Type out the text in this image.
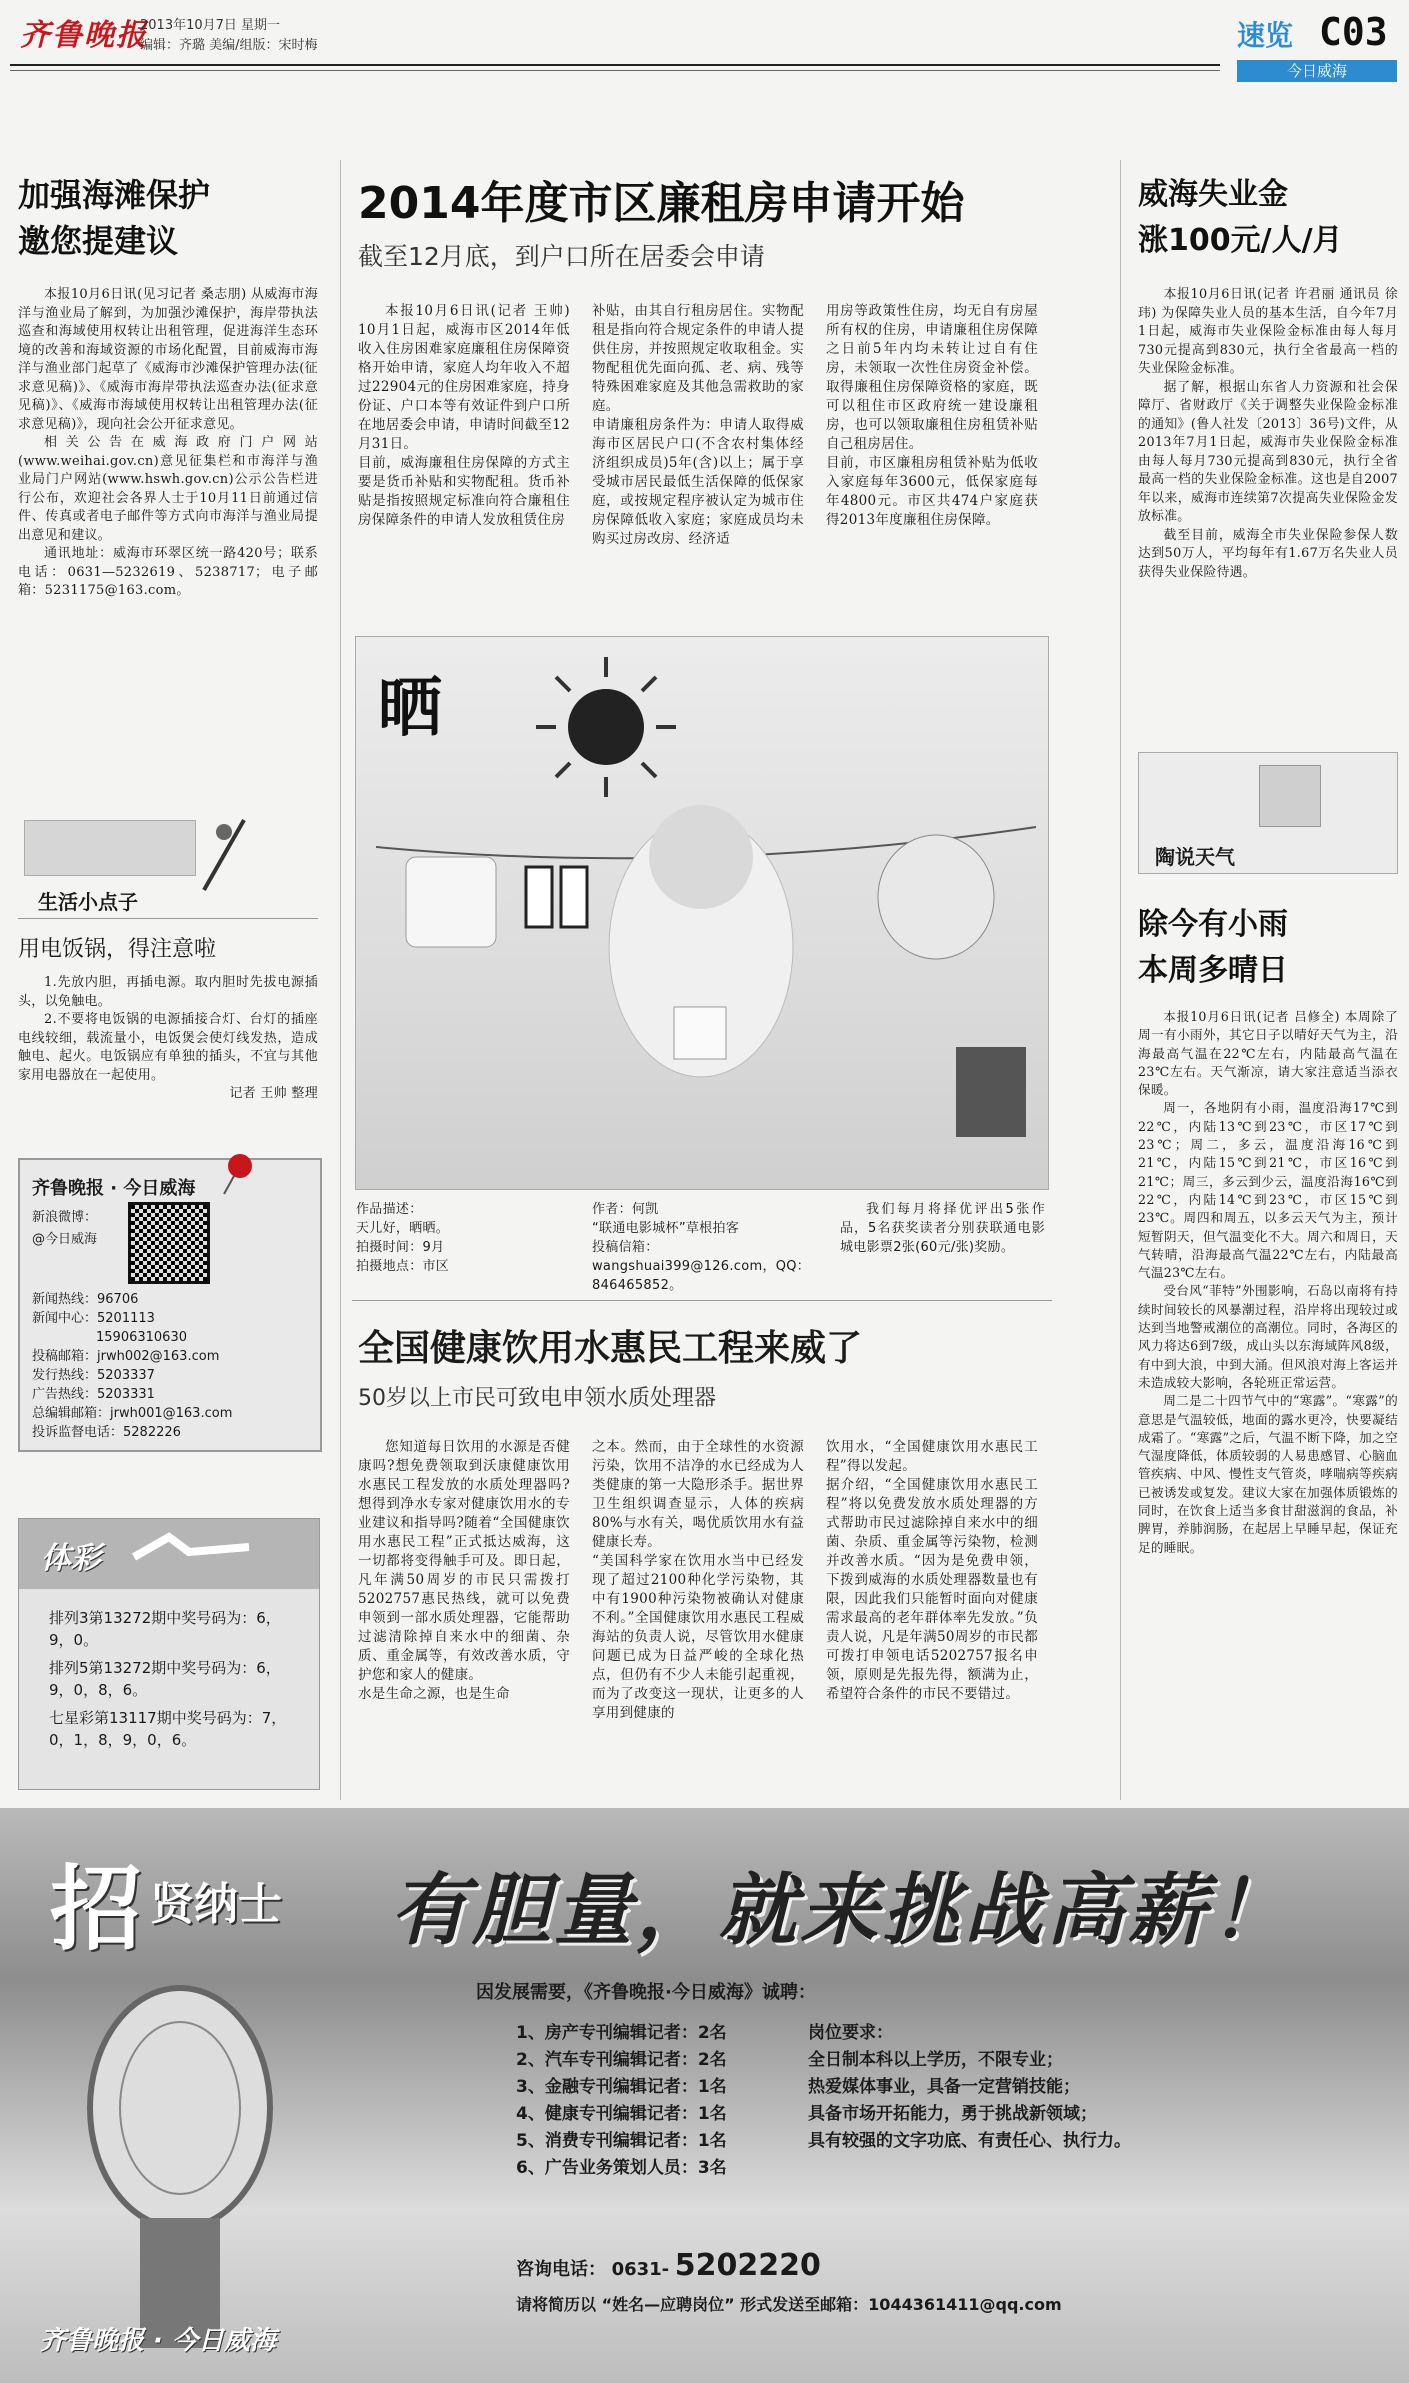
齐鲁晚报
2013年10月7日 星期一
编辑：齐璐 美编/组版：宋时梅	速览 C03
今日威海
加强海滩保护
邀您提建议

本报10月6日讯(见习记者 桑志朋) 从威海市海洋与渔业局了解到，为加强沙滩保护，海岸带执法巡查和海域使用权转让出租管理，促进海洋生态环境的改善和海域资源的市场化配置，目前威海市海洋与渔业部门起草了《威海市沙滩保护管理办法(征求意见稿)》、《威海市海岸带执法巡查办法(征求意见稿)》、《威海市海域使用权转让出租管理办法(征求意见稿)》，现向社会公开征求意见。

相关公告在威海政府门户网站(www.weihai.gov.cn)意见征集栏和市海洋与渔业局门户网站(www.hswh.gov.cn)公示公告栏进行公布，欢迎社会各界人士于10月11日前通过信件、传真或者电子邮件等方式向市海洋与渔业局提出意见和建议。

通讯地址：威海市环翠区统一路420号；联系电话：0631—5232619、5238717；电子邮箱：5231175@163.com。

生活小点子
用电饭锅，得注意啦

1.先放内胆，再插电源。取内胆时先拔电源插头，以免触电。

2.不要将电饭锅的电源插接合灯、台灯的插座电线较细，载流量小，电饭煲会使灯线发热，造成触电、起火。电饭锅应有单独的插头，不宜与其他家用电器放在一起使用。

记者 王帅 整理
齐鲁晚报 · 今日威海
新浪微博：
@今日威海
新闻热线：96706
新闻中心：5201113
15906310630
投稿邮箱：jrwh002@163.com
发行热线：5203337
广告热线：5203331
总编辑邮箱：jrwh001@163.com
投诉监督电话：5282226
体彩
排列3第13272期中奖号码为：6，9，0。
排列5第13272期中奖号码为：6，9，0，8，6。
七星彩第13117期中奖号码为：7，0，1，8，9，0，6。
2014年度市区廉租房申请开始
截至12月底，到户口所在居委会申请
本报10月6日讯(记者 王帅) 10月1日起，威海市区2014年低收入住房困难家庭廉租住房保障资格开始申请，家庭人均年收入不超过22904元的住房困难家庭，持身份证、户口本等有效证件到户口所在地居委会申请，申请时间截至12月31日。
目前，威海廉租住房保障的方式主要是货币补贴和实物配租。货币补贴是指按照规定标准向符合廉租住房保障条件的申请人发放租赁住房
补贴，由其自行租房居住。实物配租是指向符合规定条件的申请人提供住房，并按照规定收取租金。实物配租优先面向孤、老、病、残等特殊困难家庭及其他急需救助的家庭。
申请廉租房条件为：申请人取得威海市区居民户口(不含农村集体经济组织成员)5年(含)以上；属于享受城市居民最低生活保障的低保家庭，或按规定程序被认定为城市住房保障低收入家庭；家庭成员均未购买过房改房、经济适
用房等政策性住房，均无自有房屋所有权的住房，申请廉租住房保障之日前5年内均未转让过自有住房，未领取一次性住房资金补偿。取得廉租住房保障资格的家庭，既可以租住市区政府统一建设廉租房，也可以领取廉租住房租赁补贴自己租房居住。
目前，市区廉租房租赁补贴为低收入家庭每年3600元，低保家庭每年4800元。市区共474户家庭获得2013年度廉租住房保障。
晒
作品描述：
天儿好，晒晒。
拍摄时间：9月
拍摄地点：市区
作者：何凯
“联通电影城杯”草根拍客
投稿信箱：wangshuai399@126.com，QQ：846465852。
我们每月将择优评出5张作品，5名获奖读者分别获联通电影城电影票2张(60元/张)奖励。
全国健康饮用水惠民工程来威了
50岁以上市民可致电申领水质处理器
您知道每日饮用的水源是否健康吗?想免费领取到沃康健康饮用水惠民工程发放的水质处理器吗?想得到净水专家对健康饮用水的专业建议和指导吗?随着“全国健康饮用水惠民工程”正式抵达威海，这一切都将变得触手可及。即日起，凡年满50周岁的市民只需拨打5202757惠民热线，就可以免费申领到一部水质处理器，它能帮助过滤清除掉自来水中的细菌、杂质、重金属等，有效改善水质，守护您和家人的健康。
水是生命之源，也是生命
之本。然而，由于全球性的水资源污染，饮用不洁净的水已经成为人类健康的第一大隐形杀手。据世界卫生组织调查显示，人体的疾病80%与水有关，喝优质饮用水有益健康长寿。
“美国科学家在饮用水当中已经发现了超过2100种化学污染物，其中有1900种污染物被确认对健康不利。”全国健康饮用水惠民工程威海站的负责人说，尽管饮用水健康问题已成为日益严峻的全球化热点，但仍有不少人未能引起重视，而为了改变这一现状，让更多的人享用到健康的
饮用水，“全国健康饮用水惠民工程”得以发起。
据介绍，“全国健康饮用水惠民工程”将以免费发放水质处理器的方式帮助市民过滤除掉自来水中的细菌、杂质、重金属等污染物，检测并改善水质。“因为是免费申领，下拨到威海的水质处理器数量也有限，因此我们只能暂时面向对健康需求最高的老年群体率先发放。”负责人说，凡是年满50周岁的市民都可拨打申领电话5202757报名申领，原则是先报先得，额满为止，希望符合条件的市民不要错过。
威海失业金
涨100元/人/月

本报10月6日讯(记者 许君丽 通讯员 徐玮) 为保障失业人员的基本生活，自今年7月1日起，威海市失业保险金标准由每人每月730元提高到830元，执行全省最高一档的失业保险金标准。

据了解，根据山东省人力资源和社会保障厅、省财政厅《关于调整失业保险金标准的通知》(鲁人社发〔2013〕36号)文件，从2013年7月1日起，威海市失业保险金标准由每人每月730元提高到830元，执行全省最高一档的失业保险金标准。这也是自2007年以来，威海市连续第7次提高失业保险金发放标准。

截至目前，威海全市失业保险参保人数达到50万人，平均每年有1.67万名失业人员获得失业保险待遇。

陶说天气
除今有小雨
本周多晴日

本报10月6日讯(记者 吕修全) 本周除了周一有小雨外，其它日子以晴好天气为主，沿海最高气温在22℃左右，内陆最高气温在23℃左右。天气渐凉，请大家注意适当添衣保暖。

周一，各地阴有小雨，温度沿海17℃到22℃，内陆13℃到23℃，市区17℃到23℃；周二，多云，温度沿海16℃到21℃，内陆15℃到21℃，市区16℃到21℃；周三，多云到少云，温度沿海16℃到22℃，内陆14℃到23℃，市区15℃到23℃。周四和周五，以多云天气为主，预计短暂阴天，但气温变化不大。周六和周日，天气转晴，沿海最高气温22℃左右，内陆最高气温23℃左右。

受台风“菲特”外围影响，石岛以南将有持续时间较长的风暴潮过程，沿岸将出现较过或达到当地警戒潮位的高潮位。同时，各海区的风力将达6到7级，成山头以东海域阵风8级，有中到大浪，中到大涌。但风浪对海上客运并未造成较大影响，各轮班正常运营。

周二是二十四节气中的“寒露”。“寒露”的意思是气温较低，地面的露水更冷，快要凝结成霜了。“寒露”之后，气温不断下降，加之空气湿度降低，体质较弱的人易患感冒、心脑血管疾病、中风、慢性支气管炎，哮喘病等疾病已被诱发或复发。建议大家在加强体质锻炼的同时，在饮食上适当多食甘甜滋润的食品，补脾胃，养肺润肠，在起居上早睡早起，保证充足的睡眠。

招 贤纳士 有胆量，就来挑战高薪！
因发展需要，《齐鲁晚报·今日威海》诚聘：
1、房产专刊编辑记者：2名
2、汽车专刊编辑记者：2名
3、金融专刊编辑记者：1名
4、健康专刊编辑记者：1名
5、消费专刊编辑记者：1名
6、广告业务策划人员：3名
岗位要求：
全日制本科以上学历，不限专业；
热爱媒体事业，具备一定营销技能；
具备市场开拓能力，勇于挑战新领域；
具有较强的文字功底、有责任心、执行力。
咨询电话： 0631- 5202220
请将简历以 “姓名—应聘岗位” 形式发送至邮箱：1044361411@qq.com
齐鲁晚报 · 今日威海
